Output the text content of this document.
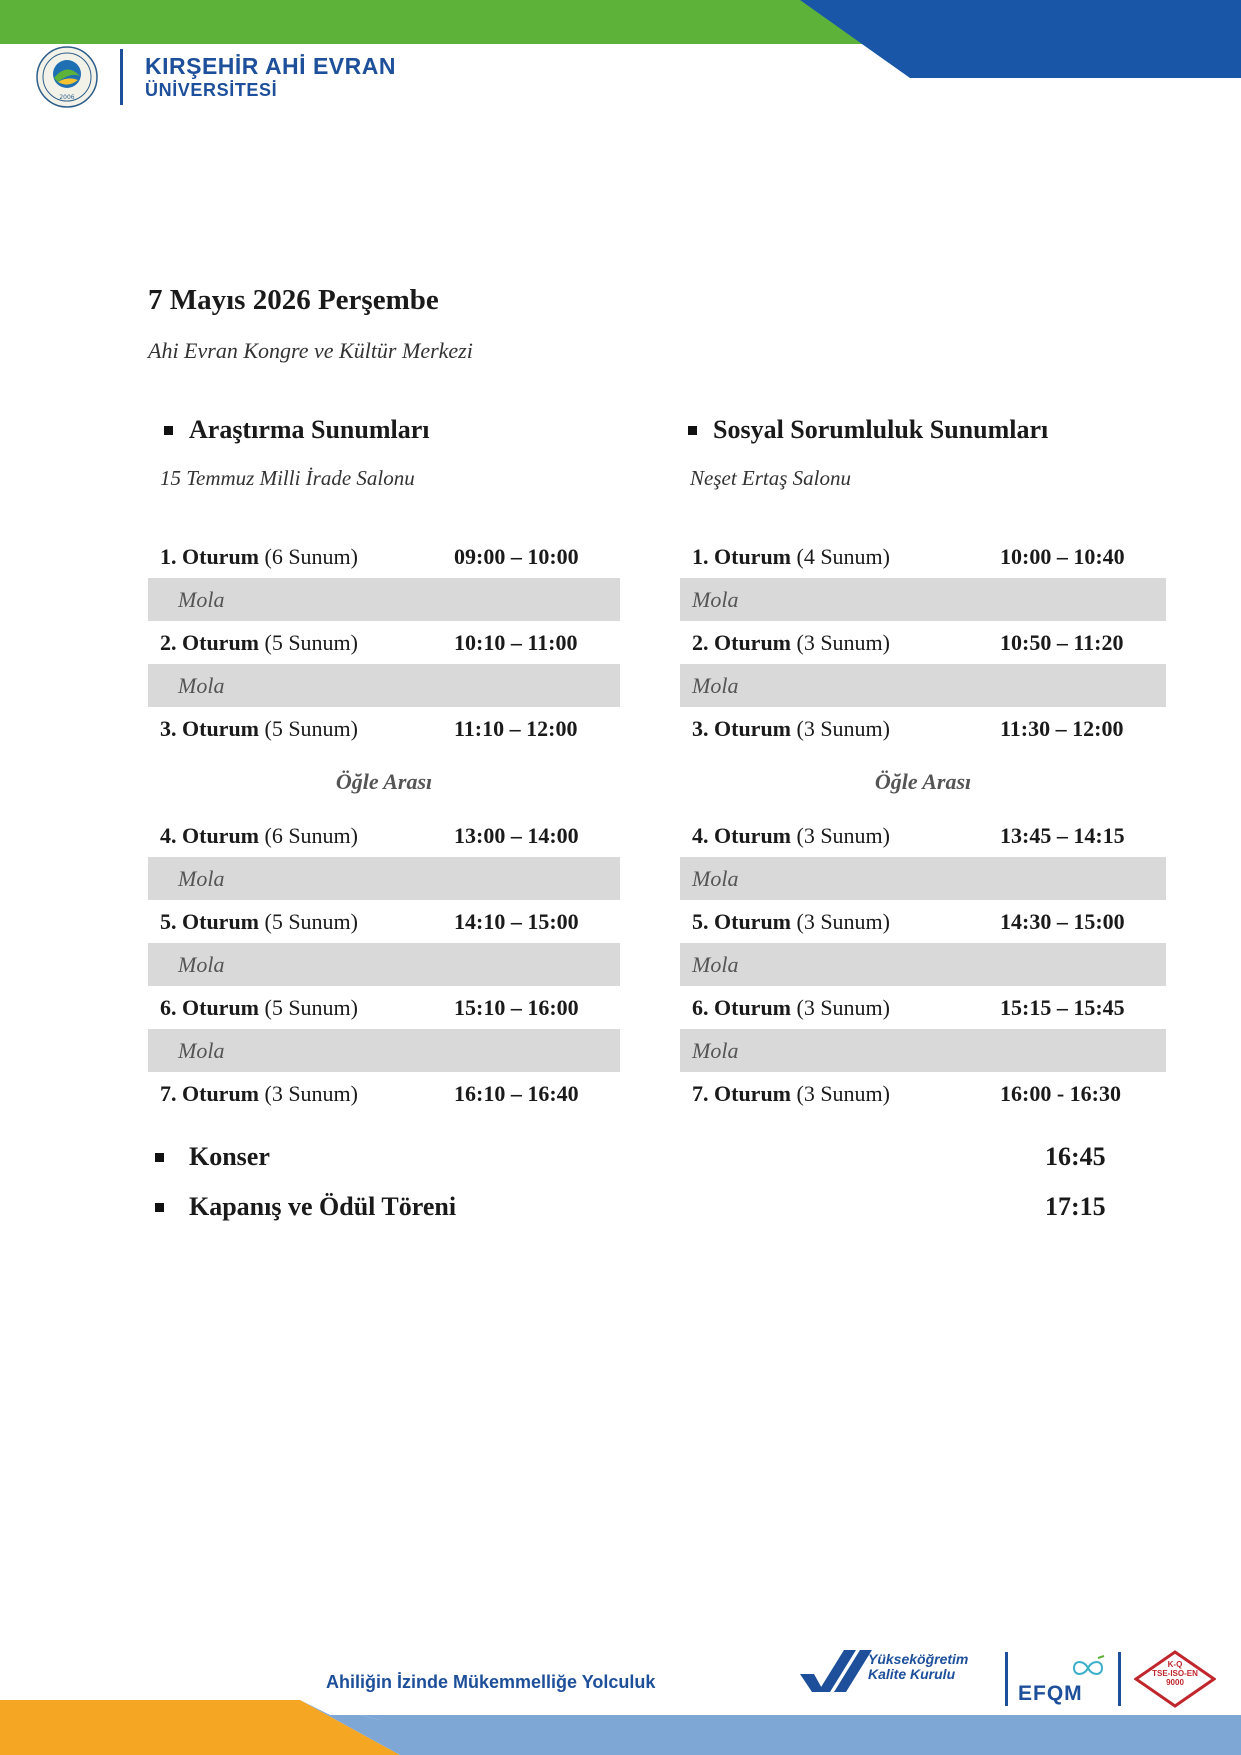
2006
KIRŞEHİR AHİ EVRAN
ÜNİVERSİTESİ
7 Mayıs 2026 Perşembe
Ahi Evran Kongre ve Kültür Merkezi
Araştırma Sunumları
15 Temmuz Milli İrade Salonu
1. Oturum (6 Sunum)	09:00 – 10:00
Mola
2. Oturum (5 Sunum)	10:10 – 11:00
Mola
3. Oturum (5 Sunum)	11:10 – 12:00
Öğle Arası
4. Oturum (6 Sunum)	13:00 – 14:00
Mola
5. Oturum (5 Sunum)	14:10 – 15:00
Mola
6. Oturum (5 Sunum)	15:10 – 16:00
Mola
7. Oturum (3 Sunum)	16:10 – 16:40
Sosyal Sorumluluk Sunumları
Neşet Ertaş Salonu
1. Oturum (4 Sunum)	10:00 – 10:40
Mola
2. Oturum (3 Sunum)	10:50 – 11:20
Mola
3. Oturum (3 Sunum)	11:30 – 12:00
Öğle Arası
4. Oturum (3 Sunum)	13:45 – 14:15
Mola
5. Oturum (3 Sunum)	14:30 – 15:00
Mola
6. Oturum (3 Sunum)	15:15 – 15:45
Mola
7. Oturum (3 Sunum)	16:00 - 16:30
Konser	16:45
Kapanış ve Ödül Töreni	17:15
Ahiliğin İzinde Mükemmelliğe Yolculuk
Yükseköğretim
Kalite Kurulu
EFQM
K-Q
TSE-ISO-EN
9000
